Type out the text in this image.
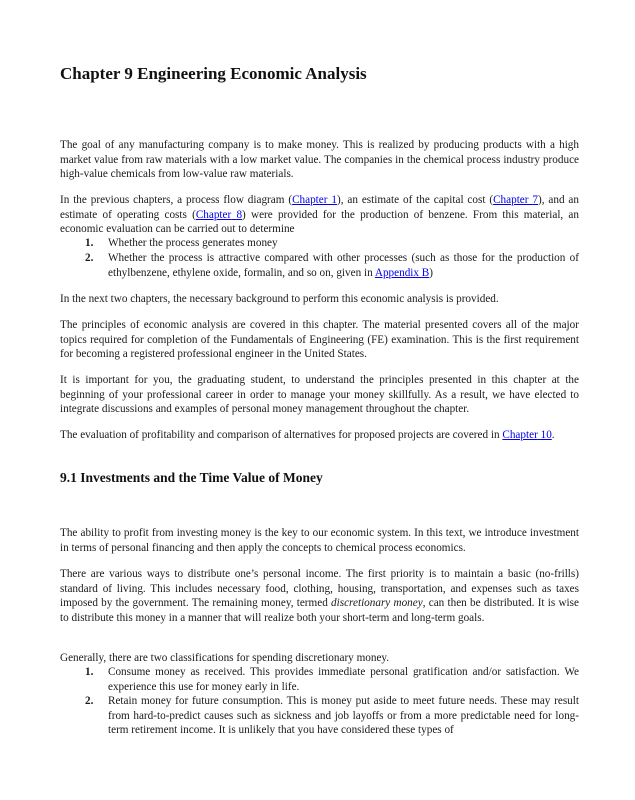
Chapter 9 Engineering Economic Analysis

The goal of any manufacturing company is to make money. This is realized by producing products with a high market value from raw materials with a low market value. The companies in the chemical process industry produce high-value chemicals from low-value raw materials.

In the previous chapters, a process flow diagram (Chapter 1), an estimate of the capital cost (Chapter 7), and an estimate of operating costs (Chapter 8) were provided for the production of benzene. From this material, an economic evaluation can be carried out to determine

1. Whether the process generates money
2. Whether the process is attractive compared with other processes (such as those for the production of ethylbenzene, ethylene oxide, formalin, and so on, given in Appendix B)

In the next two chapters, the necessary background to perform this economic analysis is provided.

The principles of economic analysis are covered in this chapter. The material presented covers all of the major topics required for completion of the Fundamentals of Engineering (FE) examination. This is the first requirement for becoming a registered professional engineer in the United States.

It is important for you, the graduating student, to understand the principles presented in this chapter at the beginning of your professional career in order to manage your money skillfully. As a result, we have elected to integrate discussions and examples of personal money management throughout the chapter.

The evaluation of profitability and comparison of alternatives for proposed projects are covered in Chapter 10.

9.1 Investments and the Time Value of Money

The ability to profit from investing money is the key to our economic system. In this text, we introduce investment in terms of personal financing and then apply the concepts to chemical process economics.

There are various ways to distribute one’s personal income. The first priority is to maintain a basic (no-frills) standard of living. This includes necessary food, clothing, housing, transportation, and expenses such as taxes imposed by the government. The remaining money, termed discretionary money, can then be distributed. It is wise to distribute this money in a manner that will realize both your short-term and long-term goals.

Generally, there are two classifications for spending discretionary money.

1. Consume money as received. This provides immediate personal gratification and/or satisfaction. We experience this use for money early in life.
2. Retain money for future consumption. This is money put aside to meet future needs. These may result from hard-to-predict causes such as sickness and job layoffs or from a more predictable need for long-term retirement income. It is unlikely that you have considered these types of
